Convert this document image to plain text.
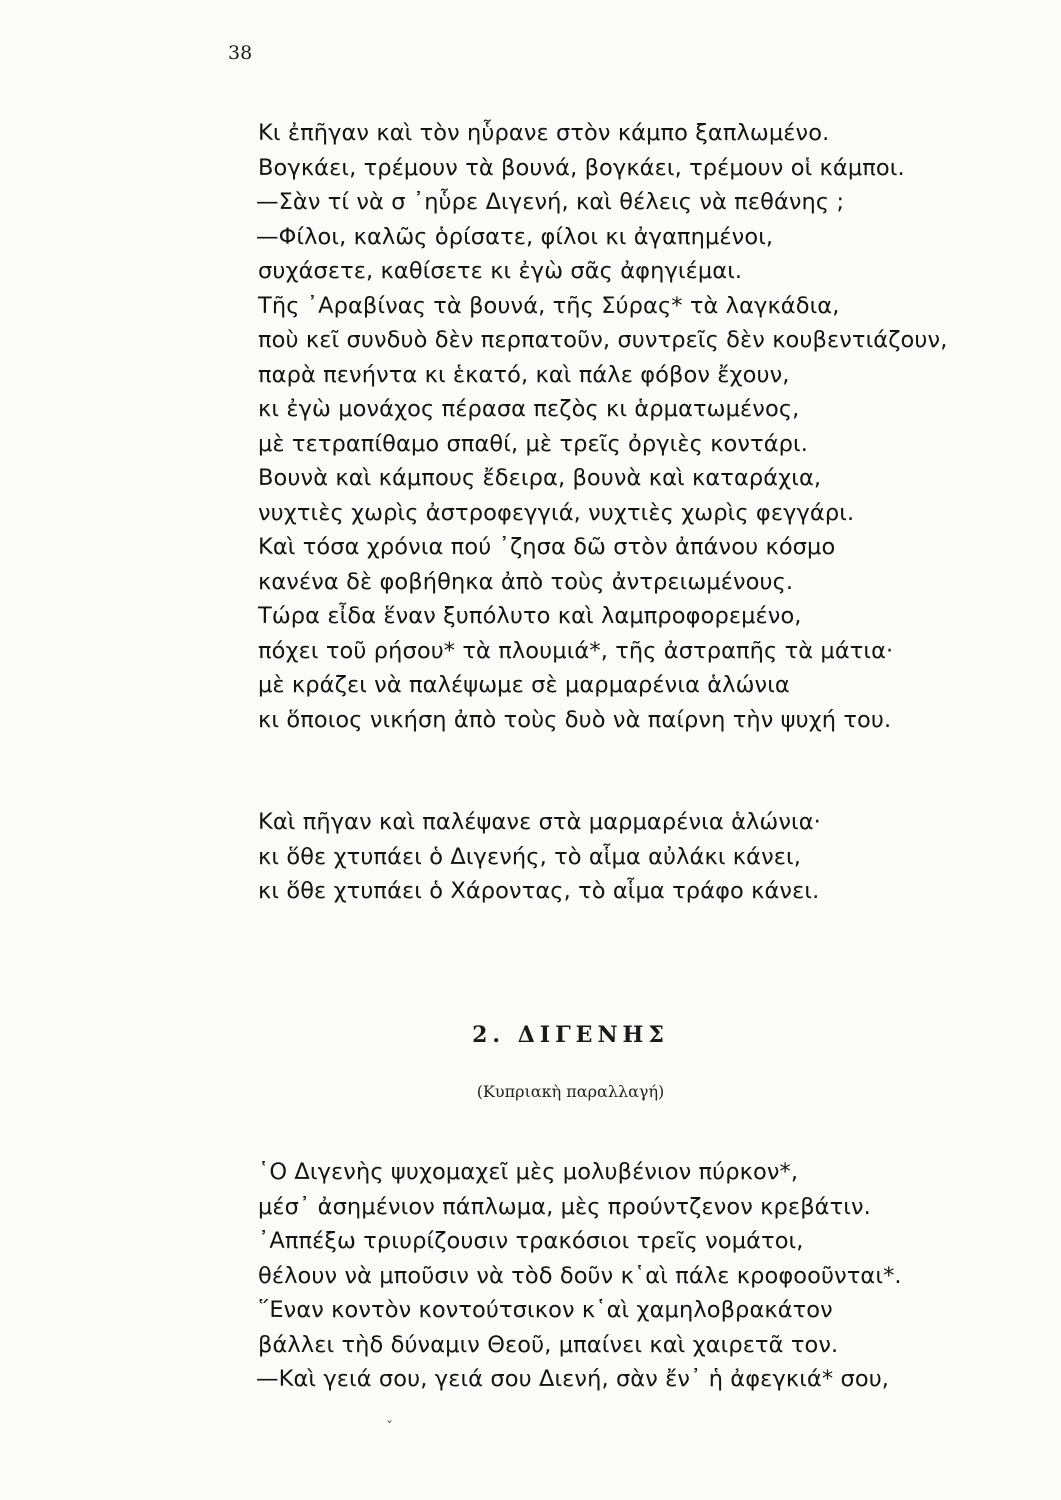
38
Κι ἐπῆγαν καὶ τὸν ηὗρανε στὸν κάμπο ξαπλωμένο.
Βογκάει, τρέμουν τὰ βουνά, βογκάει, τρέμουν οἱ κάμποι.
—Σὰν τί νὰ σ ᾽ηὗρε Διγενή, καὶ θέλεις νὰ πεθάνης ;
—Φίλοι, καλῶς ὁρίσατε, φίλοι κι ἀγαπημένοι,
συχάσετε, καθίσετε κι ἐγὼ σᾶς ἀφηγιέμαι.
Τῆς ᾽Αραβίνας τὰ βουνά, τῆς Σύρας* τὰ λαγκάδια,
ποὺ κεῖ συνδυὸ δὲν περπατοῦν, συντρεῖς δὲν κουβεντιάζουν,
παρὰ πενήντα κι ἑκατό, καὶ πάλε φόβον ἔχουν,
κι ἐγὼ μονάχος πέρασα πεζὸς κι ἁρματωμένος,
μὲ τετραπίθαμο σπαθί, μὲ τρεῖς ὀργιὲς κοντάρι.
Βουνὰ καὶ κάμπους ἔδειρα, βουνὰ καὶ καταράχια,
νυχτιὲς χωρὶς ἀστροφεγγιά, νυχτιὲς χωρὶς φεγγάρι.
Καὶ τόσα χρόνια πού ᾽ζησα δῶ στὸν ἀπάνου κόσμο
κανένα δὲ φοβήθηκα ἀπὸ τοὺς ἀντρειωμένους.
Τώρα εἶδα ἕναν ξυπόλυτο καὶ λαμπροφορεμένο,
πόχει τοῦ ρήσου* τὰ πλουμιά*, τῆς ἀστραπῆς τὰ μάτια·
μὲ κράζει νὰ παλέψωμε σὲ μαρμαρένια ἁλώνια
κι ὅποιος νικήση ἀπὸ τοὺς δυὸ νὰ παίρνη τὴν ψυχή του.
Καὶ πῆγαν καὶ παλέψανε στὰ μαρμαρένια ἁλώνια·
κι ὅθε χτυπάει ὁ Διγενής, τὸ αἷμα αὐλάκι κάνει,
κι ὅθε χτυπάει ὁ Χάροντας, τὸ αἷμα τράφο κάνει.
2. ΔΙΓΕΝΗΣ
(Κυπριακὴ παραλλαγή)
῾Ο Διγενὴς ψυχομαχεῖ μὲς μολυβένιον πύρκον*,
μέσ᾽ ἀσημένιον πάπλωμα, μὲς προύντζενον κρεβάτιν.
᾽Αππέξω τριυρίζουσιν τρακόσιοι τρεῖς νομάτοι,
θέλουν νὰ μποῦσιν νὰ τὸδ δοῦν κ῾αὶ πάλε κροφοοῦνται*.
῞Εναν κοντὸν κοντούτσικον κ῾αὶ χαμηλοβρακάτον
βάλλει τὴδ δύναμιν Θεοῦ, μπαίνει καὶ χαιρετᾶ τον.
—Καὶ γειά σου, γειά σου Διενή, σὰν ἔν᾽ ἡ ἀφεγκιά* σου,
ˇ
